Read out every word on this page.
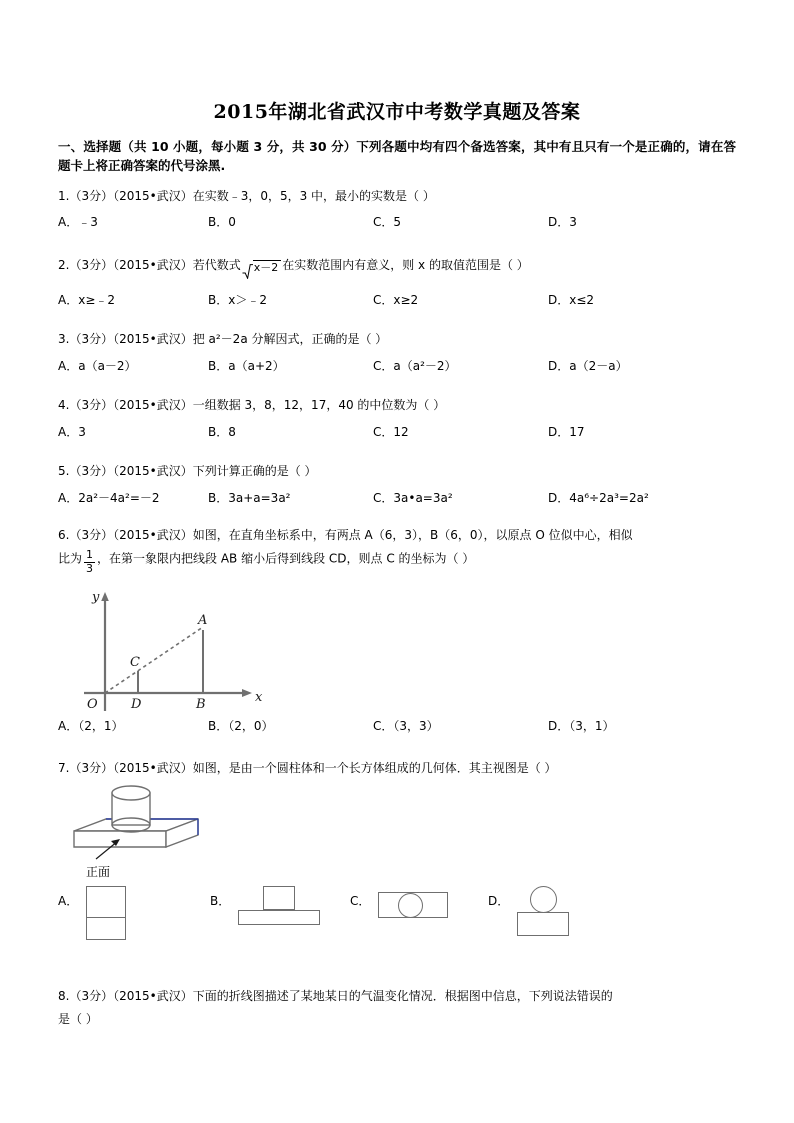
2015年湖北省武汉市中考数学真题及答案
一、选择题（共 10 小题，每小题 3 分，共 30 分）下列各题中均有四个备选答案，其中有且只有一个是正确的，请在答题卡上将正确答案的代号涂黑.
1.（3分）（2015•武汉）在实数﹣3，0，5，3 中，最小的实数是（ ）
A．﹣3	B．0	C．5	D．3
2.（3分）（2015•武汉）若代数式 x－2 在实数范围内有意义，则 x 的取值范围是（ ）
A．x≥﹣2	B．x＞﹣2	C．x≥2	D．x≤2
3.（3分）（2015•武汉）把 a²－2a 分解因式，正确的是（ ）
A．a（a－2）	B．a（a+2）	C．a（a²－2）	D．a（2－a）
4.（3分）（2015•武汉）一组数据 3，8，12，17，40 的中位数为（ ）
A．3	B．8	C．12	D．17
5.（3分）（2015•武汉）下列计算正确的是（ ）
A．2a²－4a²=－2	B．3a+a=3a²	C．3a•a=3a²	D．4a⁶÷2a³=2a²
6.（3分）（2015•武汉）如图，在直角坐标系中，有两点 A（6，3），B（6，0），以原点 O 位似中心，相似
比为 $\frac{1}{3}$ ，在第一象限内把线段 AB 缩小后得到线段 CD，则点 C 的坐标为（ ）
y
x
O	D	B
C
A
A．（2，1）	B．（2，0）	C．（3，3）	D．（3，1）
7.（3分）（2015•武汉）如图，是由一个圆柱体和一个长方体组成的几何体．其主视图是（ ）
正面
A．	B．	C．	D．
8.（3分）（2015•武汉）下面的折线图描述了某地某日的气温变化情况．根据图中信息，下列说法错误的
是（ ）
